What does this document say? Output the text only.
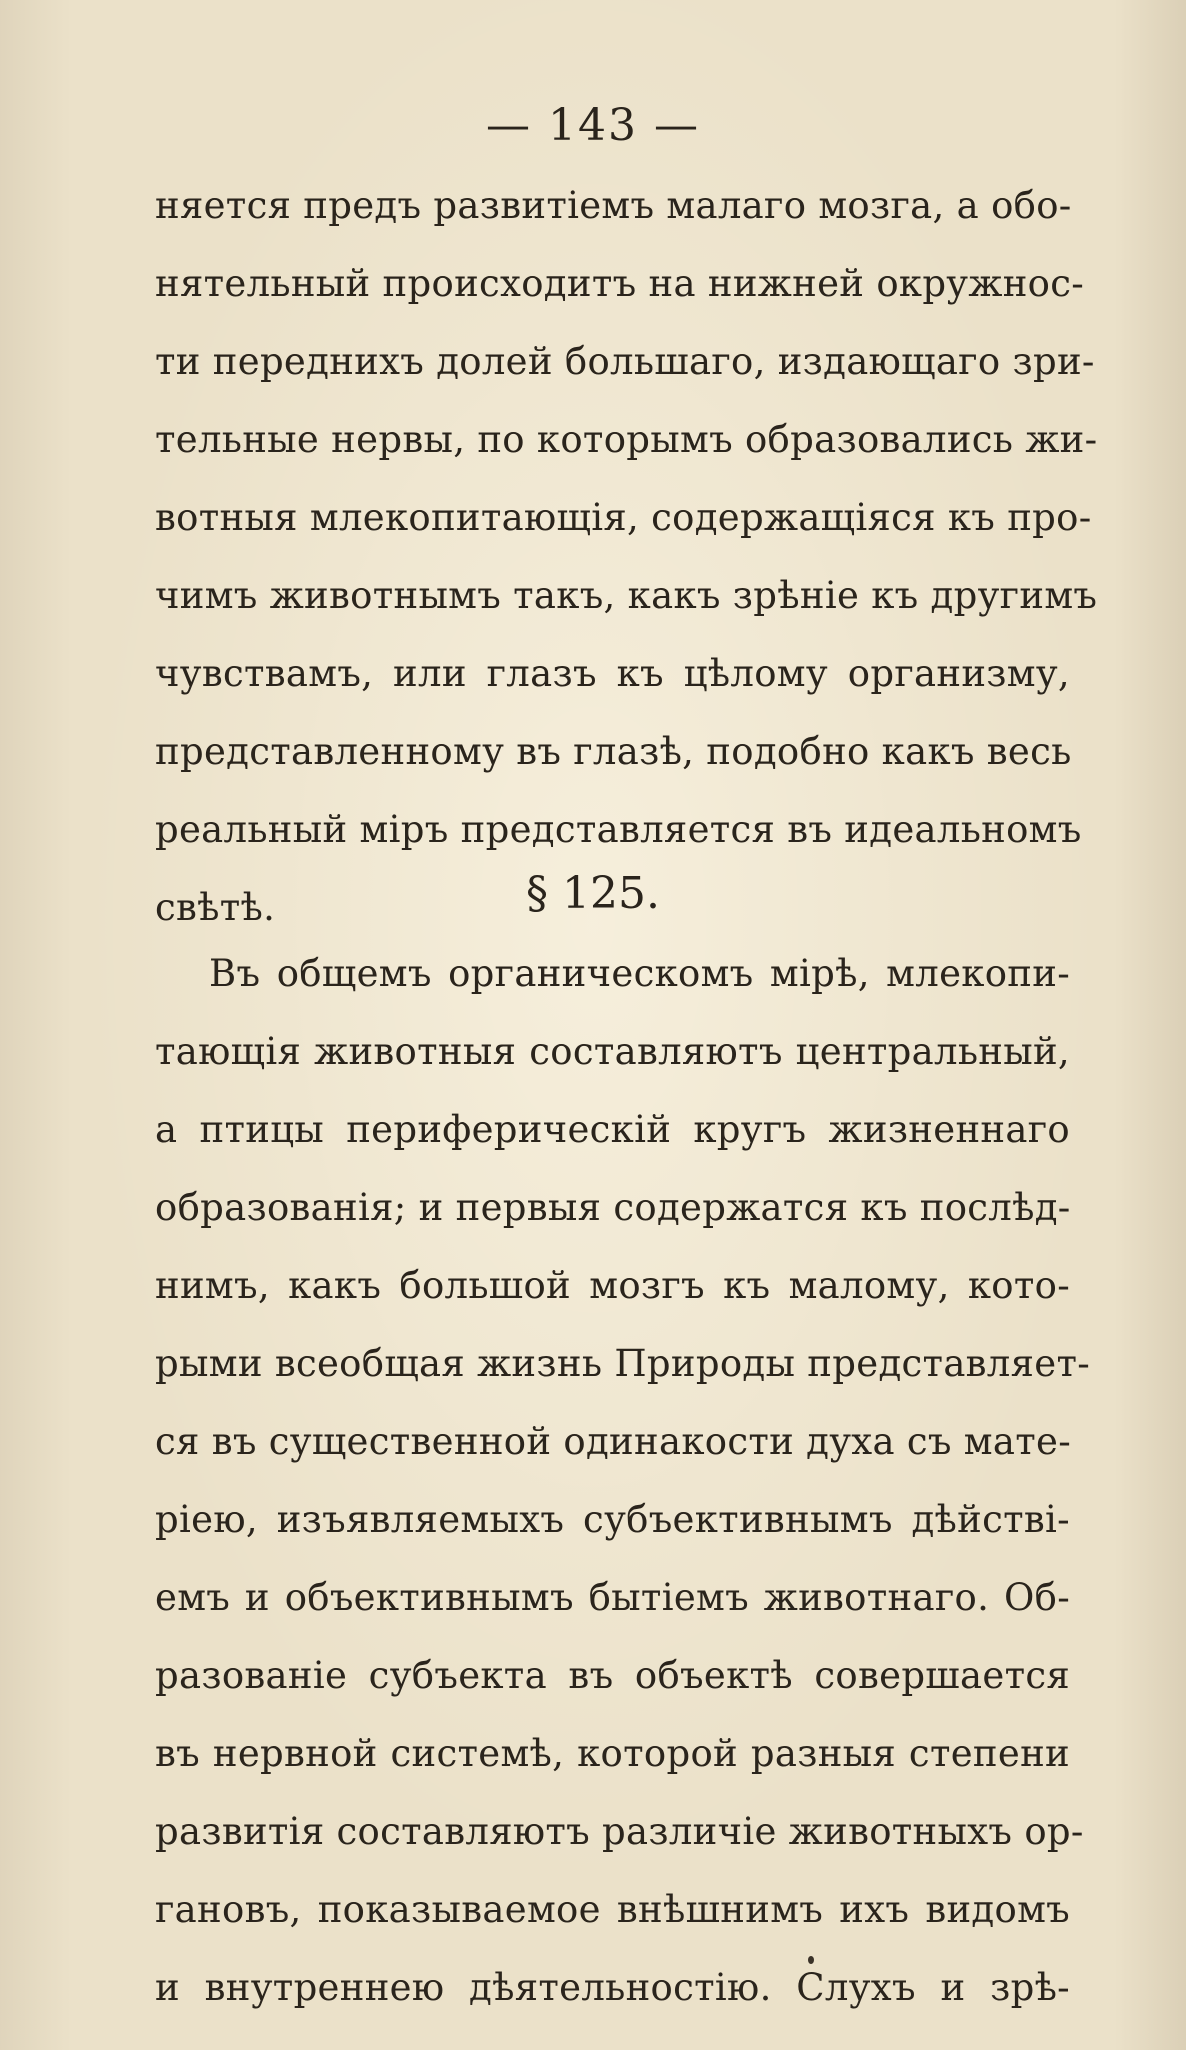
— 143 —
няется предъ развитіемъ малаго мозга, а обо-
нятельный происходитъ на нижней окружнос-
ти переднихъ долей большаго, издающаго зри-
тельные нервы, по которымъ образовались жи-
вотныя млекопитающія, содержащіяся къ про-
чимъ животнымъ такъ, какъ зрѣніе къ другимъ
чувствамъ, или глазъ къ цѣлому организму,
представленному въ глазѣ, подобно какъ весь
реальный міръ представляется въ идеальномъ
свѣтѣ.	§ 125.
Въ общемъ органическомъ мірѣ, млекопи-
тающія животныя составляютъ центральный,
а птицы периферическій кругъ жизненнаго
образованія; и первыя содержатся къ послѣд-
нимъ, какъ большой мозгъ къ малому, кото-
рыми всеобщая жизнь Природы представляет-
ся въ существенной одинакости духа съ мате-
ріею, изъявляемыхъ субъективнымъ дѣйстві-
емъ и объективнымъ бытіемъ животнаго. Об-
разованіе субъекта въ объектѣ совершается
въ нервной системѣ, которой разныя степени
развитія составляютъ различіе животныхъ ор-
гановъ, показываемое внѣшнимъ ихъ видомъ
и внутреннею дѣятельностію. Слухъ и зрѣ-
